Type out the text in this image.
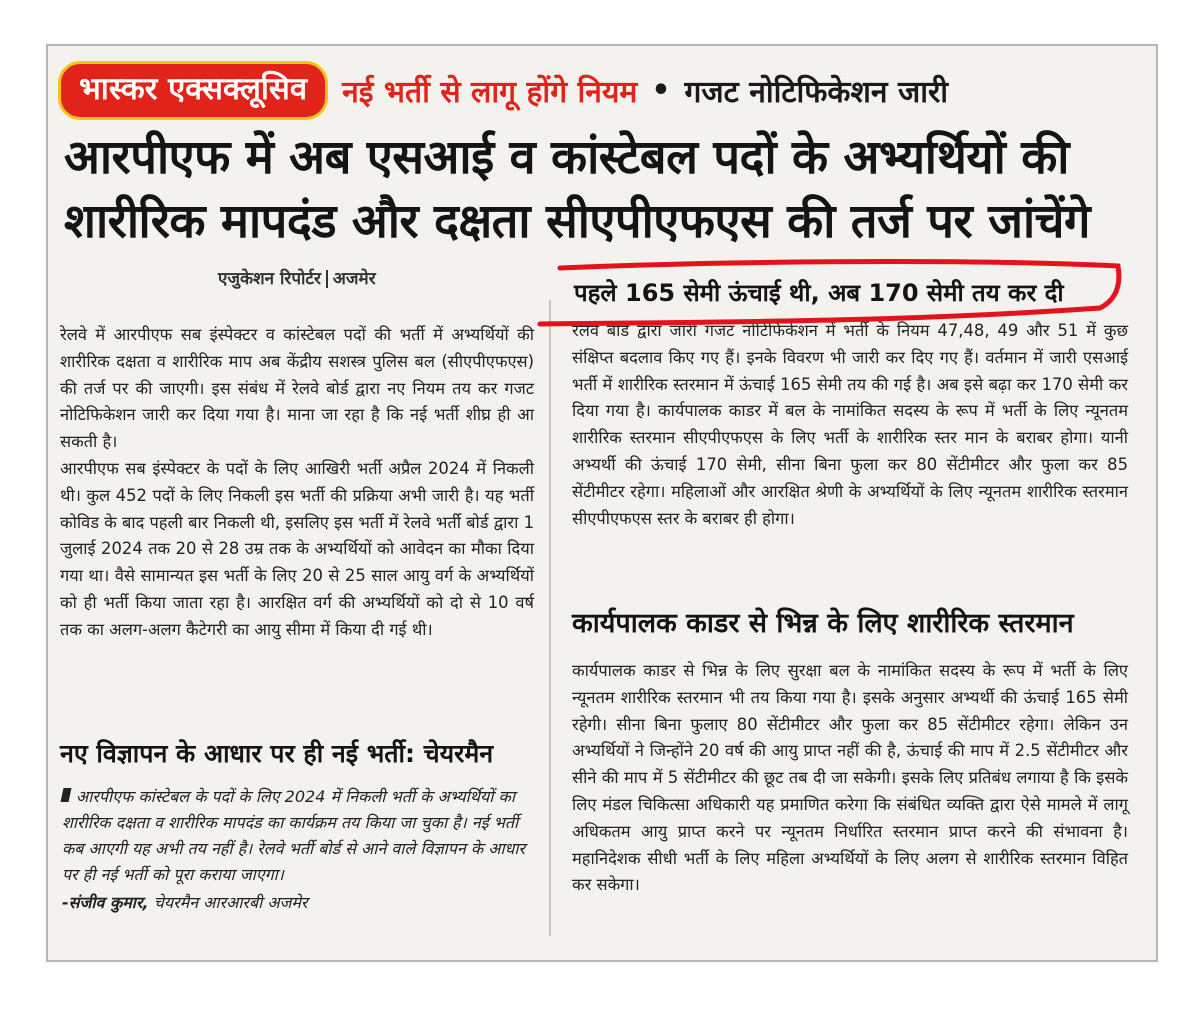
भास्कर एक्सक्लूसिव	नई भर्ती से लागू होंगे नियम • गजट नोटिफिकेशन जारी
आरपीएफ में अब एसआई व कांस्टेबल पदों के अभ्यर्थियों की
शारीरिक मापदंड और दक्षता सीएपीएफएस की तर्ज पर जांचेंगे
एजुकेशन रिपोर्टर अजमेर

रेलवे में आरपीएफ सब इंस्पेक्टर व कांस्टेबल पदों की भर्ती में अभ्यर्थियों की शारीरिक दक्षता व शारीरिक माप अब केंद्रीय सशस्त्र पुलिस बल (सीएपीएफएस) की तर्ज पर की जाएगी। इस संबंध में रेलवे बोर्ड द्वारा नए नियम तय कर गजट नोटिफिकेशन जारी कर दिया गया है। माना जा रहा है कि नई भर्ती शीघ्र ही आ सकती है।

आरपीएफ सब इंस्पेक्टर के पदों के लिए आखिरी भर्ती अप्रैल 2024 में निकली थी। कुल 452 पदों के लिए निकली इस भर्ती की प्रक्रिया अभी जारी है। यह भर्ती कोविड के बाद पहली बार निकली थी, इसलिए इस भर्ती में रेलवे भर्ती बोर्ड द्वारा 1 जुलाई 2024 तक 20 से 28 उम्र तक के अभ्यर्थियों को आवेदन का मौका दिया गया था। वैसे सामान्यत इस भर्ती के लिए 20 से 25 साल आयु वर्ग के अभ्यर्थियों को ही भर्ती किया जाता रहा है। आरक्षित वर्ग की अभ्यर्थियों को दो से 10 वर्ष तक का अलग-अलग कैटेगरी का आयु सीमा में किया दी गई थी।

नए विज्ञापन के आधार पर ही नई भर्ती: चेयरमैन
आरपीएफ कांस्टेबल के पदों के लिए 2024 में निकली भर्ती के अभ्यर्थियों का शारीरिक दक्षता व शारीरिक मापदंड का कार्यक्रम तय किया जा चुका है। नई भर्ती कब आएगी यह अभी तय नहीं है। रेलवे भर्ती बोर्ड से आने वाले विज्ञापन के आधार पर ही नई भर्ती को पूरा कराया जाएगा।
-संजीव कुमार, चेयरमैन आरआरबी अजमेर
पहले 165 सेमी ऊंचाई थी, अब 170 सेमी तय कर दी

रेलवे बोर्ड द्वारा जारी गजट नोटिफिकेशन में भर्ती के नियम 47,48, 49 और 51 में कुछ संक्षिप्त बदलाव किए गए हैं। इनके विवरण भी जारी कर दिए गए हैं। वर्तमान में जारी एसआई भर्ती में शारीरिक स्तरमान में ऊंचाई 165 सेमी तय की गई है। अब इसे बढ़ा कर 170 सेमी कर दिया गया है। कार्यपालक काडर में बल के नामांकित सदस्य के रूप में भर्ती के लिए न्यूनतम शारीरिक स्तरमान सीएपीएफएस के लिए भर्ती के शारीरिक स्तर मान के बराबर होगा। यानी अभ्यर्थी की ऊंचाई 170 सेमी, सीना बिना फुला कर 80 सेंटीमीटर और फुला कर 85 सेंटीमीटर रहेगा। महिलाओं और आरक्षित श्रेणी के अभ्यर्थियों के लिए न्यूनतम शारीरिक स्तरमान सीएपीएफएस स्तर के बराबर ही होगा।

कार्यपालक काडर से भिन्न के लिए शारीरिक स्तरमान

कार्यपालक काडर से भिन्न के लिए सुरक्षा बल के नामांकित सदस्य के रूप में भर्ती के लिए न्यूनतम शारीरिक स्तरमान भी तय किया गया है। इसके अनुसार अभ्यर्थी की ऊंचाई 165 सेमी रहेगी। सीना बिना फुलाए 80 सेंटीमीटर और फुला कर 85 सेंटीमीटर रहेगा। लेकिन उन अभ्यर्थियों ने जिन्होंने 20 वर्ष की आयु प्राप्त नहीं की है, ऊंचाई की माप में 2.5 सेंटीमीटर और सीने की माप में 5 सेंटीमीटर की छूट तब दी जा सकेगी। इसके लिए प्रतिबंध लगाया है कि इसके लिए मंडल चिकित्सा अधिकारी यह प्रमाणित करेगा कि संबंधित व्यक्ति द्वारा ऐसे मामले में लागू अधिकतम आयु प्राप्त करने पर न्यूनतम निर्धारित स्तरमान प्राप्त करने की संभावना है। महानिदेशक सीधी भर्ती के लिए महिला अभ्यर्थियों के लिए अलग से शारीरिक स्तरमान विहित कर सकेगा।
